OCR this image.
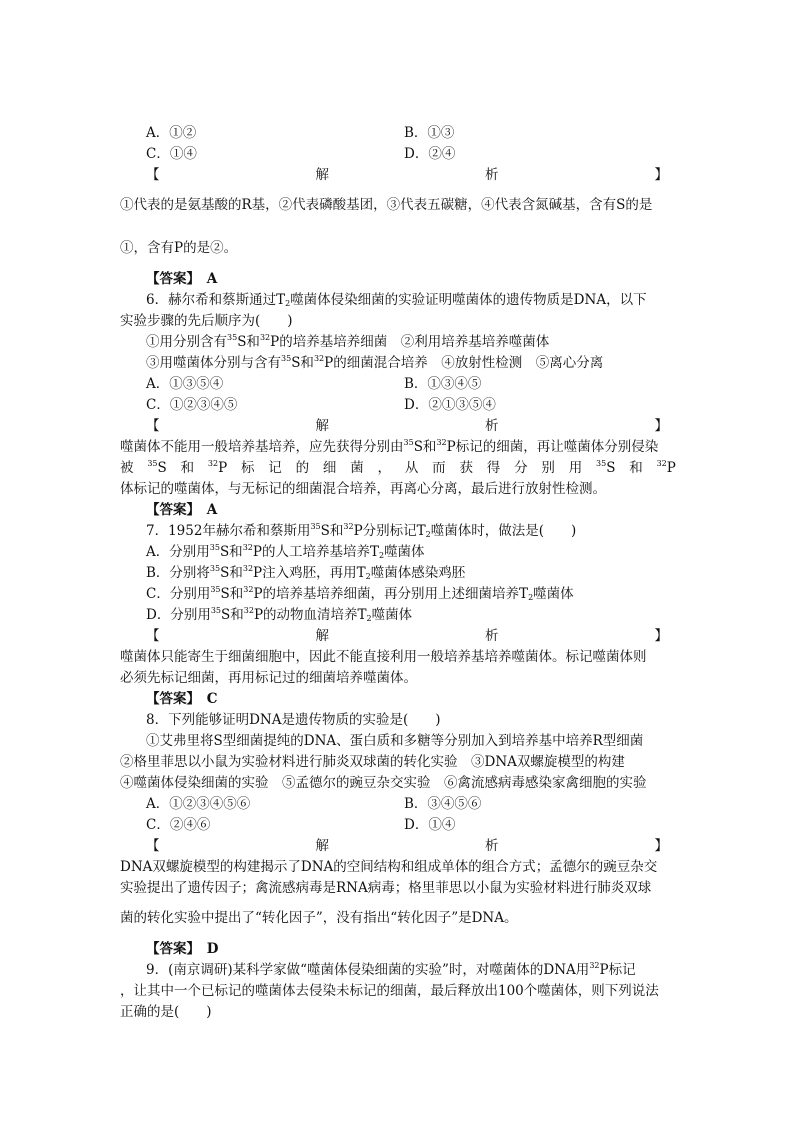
A．①②	B．①③
C．①④	D．②④
【	解	析	】
①代表的是氨基酸的R基，②代表磷酸基团，③代表五碳糖，④代表含氮碱基，含有S的是
①，含有P的是②。
【答案】　A
6．赫尔希和蔡斯通过$T_2$噬菌体侵染细菌的实验证明噬菌体的遗传物质是DNA，以下
实验步骤的先后顺序为(　　)
①用分别含有$^{35}$S和$^{32}$P的培养基培养细菌　②利用培养基培养噬菌体
③用噬菌体分别与含有$^{35}$S和$^{32}$P的细菌混合培养　④放射性检测　⑤离心分离
A．①③⑤④	B．①③④⑤
C．①②③④⑤	D．②①③⑤④
【	解	析	】
噬菌体不能用一般培养基培养，应先获得分别由$^{35}$S和$^{32}$P标记的细菌，再让噬菌体分别侵染
被 $^{35}$S 和 $^{32}$P 标 记 的 细 菌 ， 从 而 获 得 分 别 用 $^{35}$S 和 $^{32}$P
体标记的噬菌体，与无标记的细菌混合培养，再离心分离，最后进行放射性检测。
【答案】　A
7．1952年赫尔希和蔡斯用$^{35}$S和$^{32}$P分别标记$T_2$噬菌体时，做法是(　　)
A．分别用$^{35}$S和$^{32}$P的人工培养基培养$T_2$噬菌体
B．分别将$^{35}$S和$^{32}$P注入鸡胚，再用$T_2$噬菌体感染鸡胚
C．分别用$^{35}$S和$^{32}$P的培养基培养细菌，再分别用上述细菌培养$T_2$噬菌体
D．分别用$^{35}$S和$^{32}$P的动物血清培养$T_2$噬菌体
【	解	析	】
噬菌体只能寄生于细菌细胞中，因此不能直接利用一般培养基培养噬菌体。标记噬菌体则
必须先标记细菌，再用标记过的细菌培养噬菌体。
【答案】　C
8．下列能够证明DNA是遗传物质的实验是(　　)
①艾弗里将S型细菌提纯的DNA、蛋白质和多糖等分别加入到培养基中培养R型细菌
②格里菲思以小鼠为实验材料进行肺炎双球菌的转化实验　③DNA双螺旋模型的构建
④噬菌体侵染细菌的实验　⑤孟德尔的豌豆杂交实验　⑥禽流感病毒感染家禽细胞的实验
A．①②③④⑤⑥	B．③④⑤⑥
C．②④⑥	D．①④
【	解	析	】
DNA双螺旋模型的构建揭示了DNA的空间结构和组成单体的组合方式；孟德尔的豌豆杂交
实验提出了遗传因子；禽流感病毒是RNA病毒；格里菲思以小鼠为实验材料进行肺炎双球
菌的转化实验中提出了“转化因子”，没有指出“转化因子”是DNA。
【答案】　D
9．(南京调研)某科学家做“噬菌体侵染细菌的实验”时，对噬菌体的DNA用$^{32}$P标记
，让其中一个已标记的噬菌体去侵染未标记的细菌，最后释放出100个噬菌体，则下列说法
正确的是(　　)
